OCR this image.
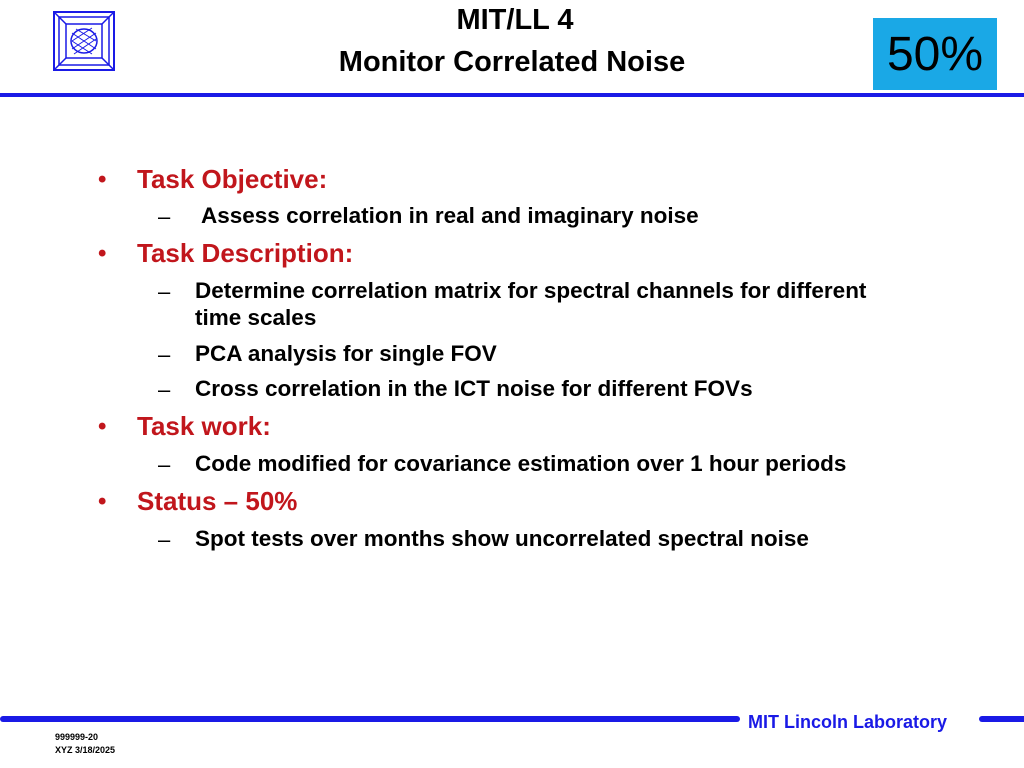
MIT/LL 4
Monitor Correlated Noise	50%
• Task Objective:
– Assess correlation in real and imaginary noise
• Task Description:
– Determine correlation matrix for spectral channels for different time scales
– PCA analysis for single FOV
– Cross correlation in the ICT noise for different FOVs
• Task work:
– Code modified for covariance estimation over 1 hour periods
• Status – 50%
– Spot tests over months show uncorrelated spectral noise
MIT Lincoln Laboratory
999999-20
XYZ 3/18/2025
